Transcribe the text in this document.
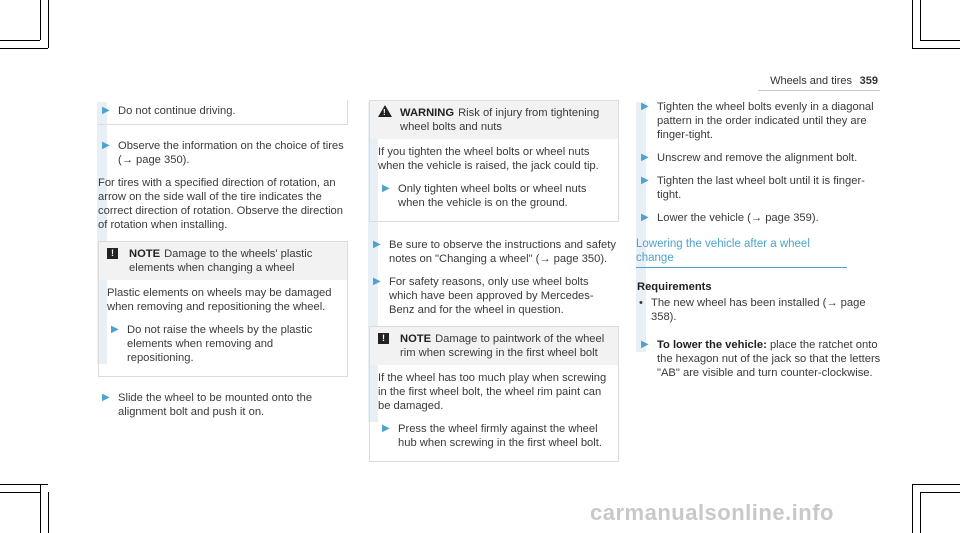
Wheels and tires 359
▶ Do not continue driving.
▶ Observe the information on the choice of tires (→ page 350).

For tires with a specified direction of rotation, an arrow on the side wall of the tire indicates the correct direction of rotation. Observe the direction of rotation when installing.

!	NOTE Damage to the wheels' plastic elements when changing a wheel

Plastic elements on wheels may be damaged when removing and repositioning the wheel.

▶ Do not raise the wheels by the plastic elements when removing and repositioning.
▶ Slide the wheel to be mounted onto the alignment bolt and push it on.
! WARNING Risk of injury from tightening wheel bolts and nuts

If you tighten the wheel bolts or wheel nuts when the vehicle is raised, the jack could tip.

▶ Only tighten wheel bolts or wheel nuts when the vehicle is on the ground.
▶ Be sure to observe the instructions and safety notes on "Changing a wheel" (→ page 350).
▶ For safety reasons, only use wheel bolts which have been approved by Mercedes-Benz and for the wheel in question.
!	NOTE Damage to paintwork of the wheel rim when screwing in the first wheel bolt

If the wheel has too much play when screwing in the first wheel bolt, the wheel rim paint can be damaged.

▶ Press the wheel firmly against the wheel hub when screwing in the first wheel bolt.
▶ Tighten the wheel bolts evenly in a diagonal pattern in the order indicated until they are finger-tight.
▶ Unscrew and remove the alignment bolt.
▶ Tighten the last wheel bolt until it is finger-tight.
▶ Lower the vehicle (→ page 359).
Lowering the vehicle after a wheel change
Requirements
• The new wheel has been installed (→ page 358).
▶ To lower the vehicle: place the ratchet onto the hexagon nut of the jack so that the letters "AB" are visible and turn counter-clockwise.
carmanualsonline.info
